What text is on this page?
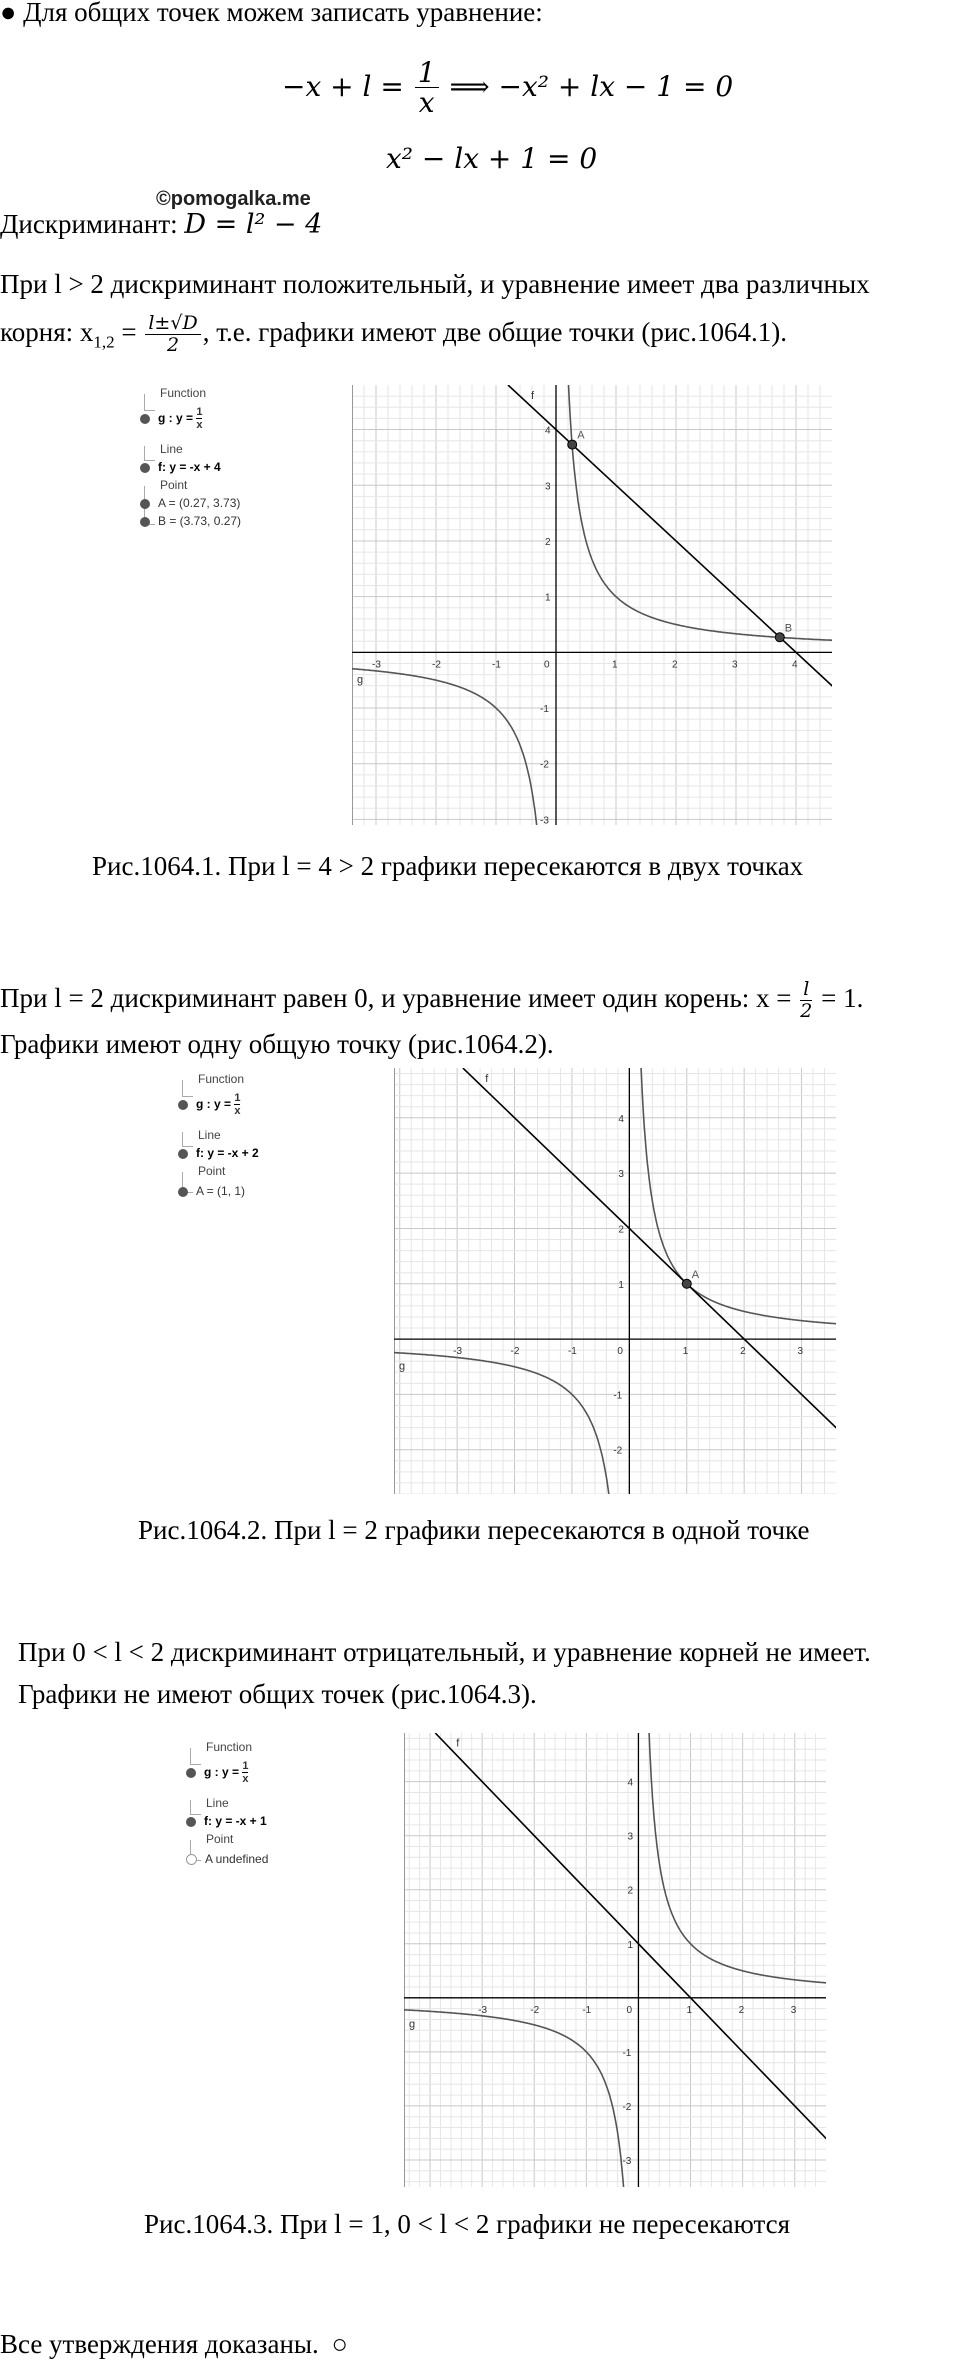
● Для общих точек можем записать уравнение:
$-x + l = \frac{1}{x}$ ⟹ −x² + lx − 1 = 0
x² − lx + 1 = 0
©pomogalka.me
Дискриминант: D = l² − 4
При l > 2 дискриминант положительный, и уравнение имеет два различных
корня: $x_{1,2} = \frac{l\pm√D}{2}$ , т.е. графики имеют две общие точки (рис.1064.1).
Function
g : $y = \frac{1}{x}$
Line
f: y = -x + 4
Point
A = (0.27, 3.73)
B = (3.73, 0.27)
-3	-2	-1	0	1	2	3	4
-3
-2
-1
1
2
3
4
g
f
A
B
Рис.1064.1. При l = 4 > 2 графики пересекаются в двух точках
При l = 2 дискриминант равен 0, и уравнение имеет один корень: $x = \frac{l}{2} = 1$.
Графики имеют одну общую точку (рис.1064.2).
Function
g : $y = \frac{1}{x}$
Line
f: y = -x + 2
Point
A = (1, 1)
-3	-2	-1	0	1	2	3
-2
-1
1
2
3
4
g
f
A
Рис.1064.2. При l = 2 графики пересекаются в одной точке
При 0 < l < 2 дискриминант отрицательный, и уравнение корней не имеет.
Графики не имеют общих точек (рис.1064.3).
Function
g : $y = \frac{1}{x}$
Line
f: y = -x + 1
Point
A undefined
-3	-2	-1	0	1	2	3
-3
-2
-1
1
2
3
4
g
f
Рис.1064.3. При l = 1, 0 < l < 2 графики не пересекаются
Все утверждения доказаны. ○
